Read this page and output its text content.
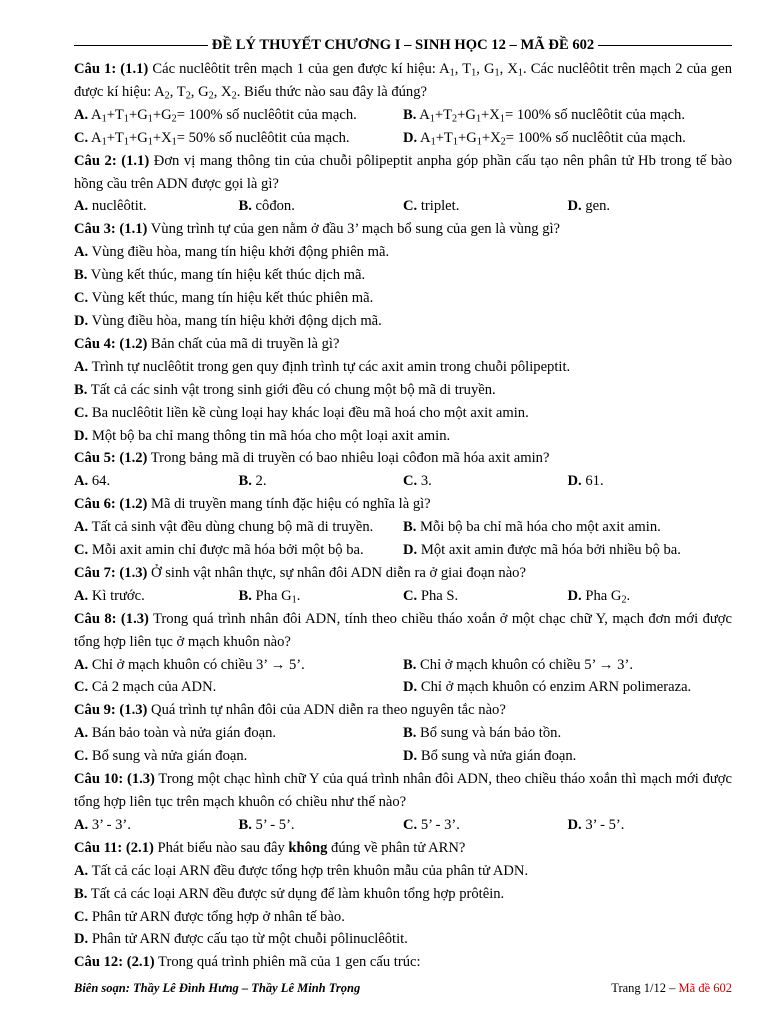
ĐỀ LÝ THUYẾT CHƯƠNG I – SINH HỌC 12 – MÃ ĐỀ 602
Câu 1: (1.1) Các nuclêôtit trên mạch 1 của gen được kí hiệu: $A_1$, $T_1$, $G_1$, $X_1$. Các nuclêôtit trên mạch 2 của gen được kí hiệu: $A_2$, $T_2$, $G_2$, $X_2$. Biểu thức nào sau đây là đúng?
A. $A_1+T_1+G_1+G_2= 100\%$ số nuclêôtit của mạch.	B. $A_1+T_2+G_1+X_1= 100\%$ số nuclêôtit của mạch.
C. $A_1+T_1+G_1+X_1= 50\%$ số nuclêôtit của mạch.	D. $A_1+T_1+G_1+X_2= 100\%$ số nuclêôtit của mạch.
Câu 2: (1.1) Đơn vị mang thông tin của chuỗi pôlipeptit anpha góp phần cấu tạo nên phân tử Hb trong tế bào hồng cầu trên ADN được gọi là gì?
A. nuclêôtit.	B. côđon.	C. triplet.	D. gen.
Câu 3: (1.1) Vùng trình tự của gen nằm ở đầu 3’ mạch bổ sung của gen là vùng gì?
A. Vùng điều hòa, mang tín hiệu khởi động phiên mã.
B. Vùng kết thúc, mang tín hiệu kết thúc dịch mã.
C. Vùng kết thúc, mang tín hiệu kết thúc phiên mã.
D. Vùng điều hòa, mang tín hiệu khởi động dịch mã.
Câu 4: (1.2) Bản chất của mã di truyền là gì?
A. Trình tự nuclêôtit trong gen quy định trình tự các axit amin trong chuỗi pôlipeptit.
B. Tất cả các sinh vật trong sinh giới đều có chung một bộ mã di truyền.
C. Ba nuclêôtit liền kề cùng loại hay khác loại đều mã hoá cho một axit amin.
D. Một bộ ba chỉ mang thông tin mã hóa cho một loại axit amin.
Câu 5: (1.2) Trong bảng mã di truyền có bao nhiêu loại côđon mã hóa axit amin?
A. 64.	B. 2.	C. 3.	D. 61.
Câu 6: (1.2) Mã di truyền mang tính đặc hiệu có nghĩa là gì?
A. Tất cả sinh vật đều dùng chung bộ mã di truyền.	B. Mỗi bộ ba chỉ mã hóa cho một axit amin.
C. Mỗi axit amin chỉ được mã hóa bởi một bộ ba.	D. Một axit amin được mã hóa bởi nhiều bộ ba.
Câu 7: (1.3) Ở sinh vật nhân thực, sự nhân đôi ADN diễn ra ở giai đoạn nào?
A. Kì trước.	B. Pha $G_1$.	C. Pha S.	D. Pha $G_2$.
Câu 8: (1.3) Trong quá trình nhân đôi ADN, tính theo chiều tháo xoắn ở một chạc chữ Y, mạch đơn mới được tổng hợp liên tục ở mạch khuôn nào?
A. Chỉ ở mạch khuôn có chiều 3’ → 5’.	B. Chỉ ở mạch khuôn có chiều 5’ → 3’.
C. Cả 2 mạch của ADN.	D. Chỉ ở mạch khuôn có enzim ARN polimeraza.
Câu 9: (1.3) Quá trình tự nhân đôi của ADN diễn ra theo nguyên tắc nào?
A. Bán bảo toàn và nửa gián đoạn.	B. Bổ sung và bán bảo tồn.
C. Bổ sung và nửa gián đoạn.	D. Bổ sung và nửa gián đoạn.
Câu 10: (1.3) Trong một chạc hình chữ Y của quá trình nhân đôi ADN, theo chiều tháo xoắn thì mạch mới được tổng hợp liên tục trên mạch khuôn có chiều như thế nào?
A. 3’ - 3’.	B. 5’ - 5’.	C. 5’ - 3’.	D. 3’ - 5’.
Câu 11: (2.1) Phát biểu nào sau đây không đúng về phân tử ARN?
A. Tất cả các loại ARN đều được tổng hợp trên khuôn mẫu của phân tử ADN.
B. Tất cả các loại ARN đều được sử dụng để làm khuôn tổng hợp prôtêin.
C. Phân tử ARN được tổng hợp ở nhân tế bào.
D. Phân tử ARN được cấu tạo từ một chuỗi pôlinuclêôtit.
Câu 12: (2.1) Trong quá trình phiên mã của 1 gen cấu trúc:
Biên soạn: Thầy Lê Đình Hưng – Thầy Lê Minh Trọng	Trang 1/12 – Mã đề 602
